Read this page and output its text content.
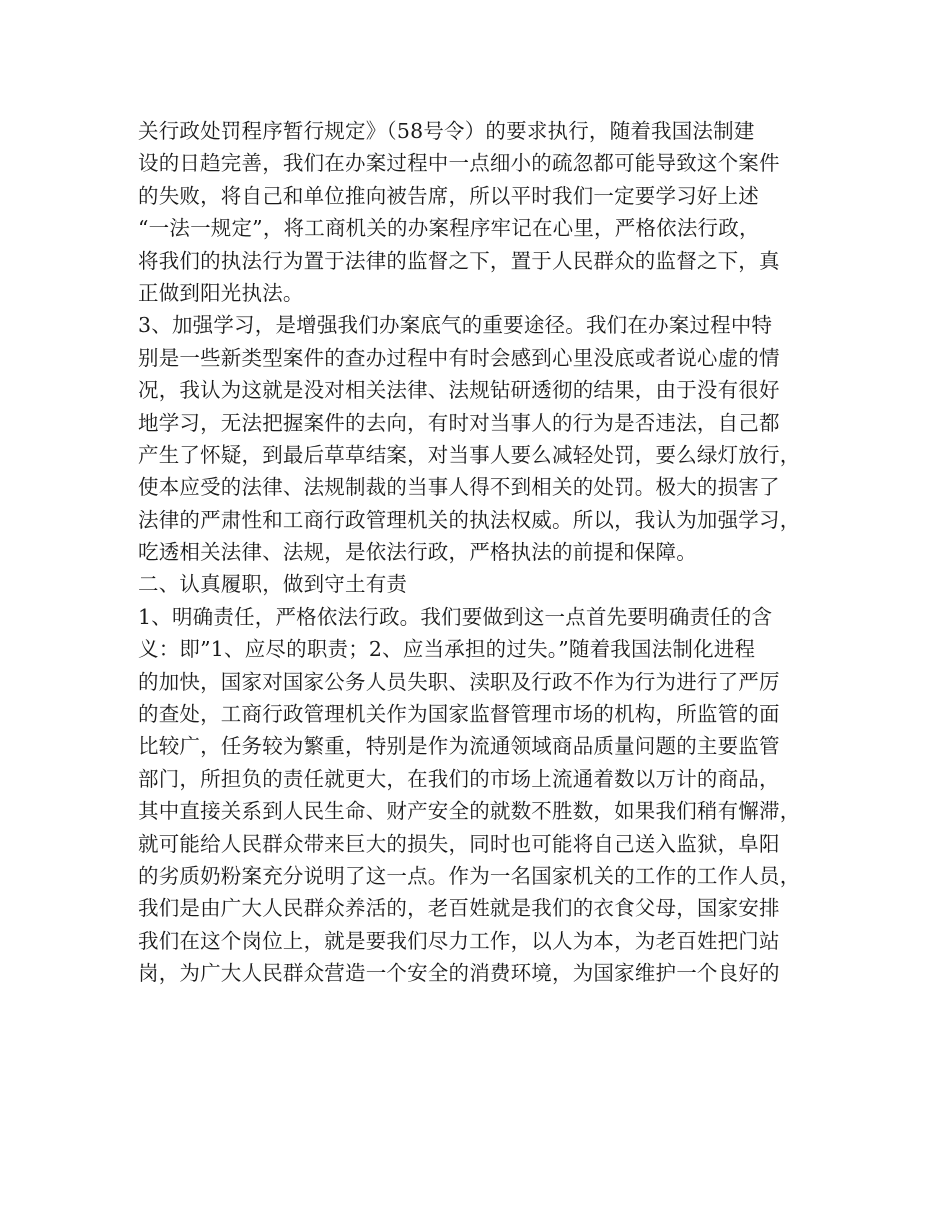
关行政处罚程序暂行规定》（58号令）的要求执行，随着我国法制建
设的日趋完善，我们在办案过程中一点细小的疏忽都可能导致这个案件
的失败，将自己和单位推向被告席，所以平时我们一定要学习好上述
“一法一规定”，将工商机关的办案程序牢记在心里，严格依法行政，
将我们的执法行为置于法律的监督之下，置于人民群众的监督之下，真
正做到阳光执法。
3、加强学习，是增强我们办案底气的重要途径。我们在办案过程中特
别是一些新类型案件的查办过程中有时会感到心里没底或者说心虚的情
况，我认为这就是没对相关法律、法规钻研透彻的结果，由于没有很好
地学习，无法把握案件的去向，有时对当事人的行为是否违法，自己都
产生了怀疑，到最后草草结案，对当事人要么减轻处罚，要么绿灯放行，
使本应受的法律、法规制裁的当事人得不到相关的处罚。极大的损害了
法律的严肃性和工商行政管理机关的执法权威。所以，我认为加强学习，
吃透相关法律、法规，是依法行政，严格执法的前提和保障。
二、认真履职，做到守土有责
1、明确责任，严格依法行政。我们要做到这一点首先要明确责任的含
义：即”1、应尽的职责；2、应当承担的过失。”随着我国法制化进程
的加快，国家对国家公务人员失职、渎职及行政不作为行为进行了严厉
的查处，工商行政管理机关作为国家监督管理市场的机构，所监管的面
比较广，任务较为繁重，特别是作为流通领域商品质量问题的主要监管
部门，所担负的责任就更大，在我们的市场上流通着数以万计的商品，
其中直接关系到人民生命、财产安全的就数不胜数，如果我们稍有懈滞，
就可能给人民群众带来巨大的损失，同时也可能将自己送入监狱，阜阳
的劣质奶粉案充分说明了这一点。作为一名国家机关的工作的工作人员，
我们是由广大人民群众养活的，老百姓就是我们的衣食父母，国家安排
我们在这个岗位上，就是要我们尽力工作，以人为本，为老百姓把门站
岗，为广大人民群众营造一个安全的消费环境，为国家维护一个良好的
